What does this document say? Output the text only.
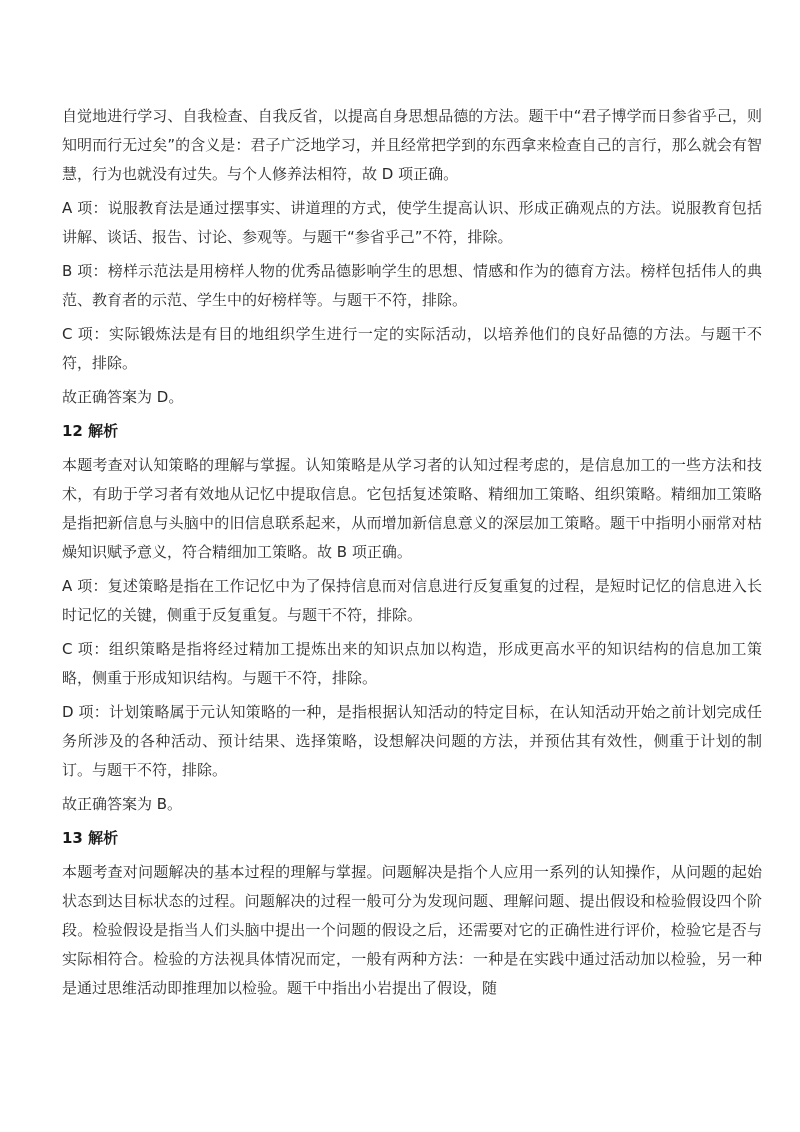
自觉地进行学习、自我检查、自我反省，以提高自身思想品德的方法。题干中“君子博学而日参省乎己，则知明而行无过矣”的含义是：君子广泛地学习，并且经常把学到的东西拿来检查自己的言行，那么就会有智慧，行为也就没有过失。与个人修养法相符，故 D 项正确。

A 项：说服教育法是通过摆事实、讲道理的方式，使学生提高认识、形成正确观点的方法。说服教育包括讲解、谈话、报告、讨论、参观等。与题干“参省乎己”不符，排除。

B 项：榜样示范法是用榜样人物的优秀品德影响学生的思想、情感和作为的德育方法。榜样包括伟人的典范、教育者的示范、学生中的好榜样等。与题干不符，排除。

C 项：实际锻炼法是有目的地组织学生进行一定的实际活动，以培养他们的良好品德的方法。与题干不符，排除。

故正确答案为 D。

12 解析

本题考查对认知策略的理解与掌握。认知策略是从学习者的认知过程考虑的，是信息加工的一些方法和技术，有助于学习者有效地从记忆中提取信息。它包括复述策略、精细加工策略、组织策略。精细加工策略是指把新信息与头脑中的旧信息联系起来，从而增加新信息意义的深层加工策略。题干中指明小丽常对枯燥知识赋予意义，符合精细加工策略。故 B 项正确。

A 项：复述策略是指在工作记忆中为了保持信息而对信息进行反复重复的过程，是短时记忆的信息进入长时记忆的关键，侧重于反复重复。与题干不符，排除。

C 项：组织策略是指将经过精加工提炼出来的知识点加以构造，形成更高水平的知识结构的信息加工策略，侧重于形成知识结构。与题干不符，排除。

D 项：计划策略属于元认知策略的一种，是指根据认知活动的特定目标，在认知活动开始之前计划完成任务所涉及的各种活动、预计结果、选择策略，设想解决问题的方法，并预估其有效性，侧重于计划的制订。与题干不符，排除。

故正确答案为 B。

13 解析

本题考查对问题解决的基本过程的理解与掌握。问题解决是指个人应用一系列的认知操作，从问题的起始状态到达目标状态的过程。问题解决的过程一般可分为发现问题、理解问题、提出假设和检验假设四个阶段。检验假设是指当人们头脑中提出一个问题的假设之后，还需要对它的正确性进行评价，检验它是否与实际相符合。检验的方法视具体情况而定，一般有两种方法：一种是在实践中通过活动加以检验，另一种是通过思维活动即推理加以检验。题干中指出小岩提出了假设，随
